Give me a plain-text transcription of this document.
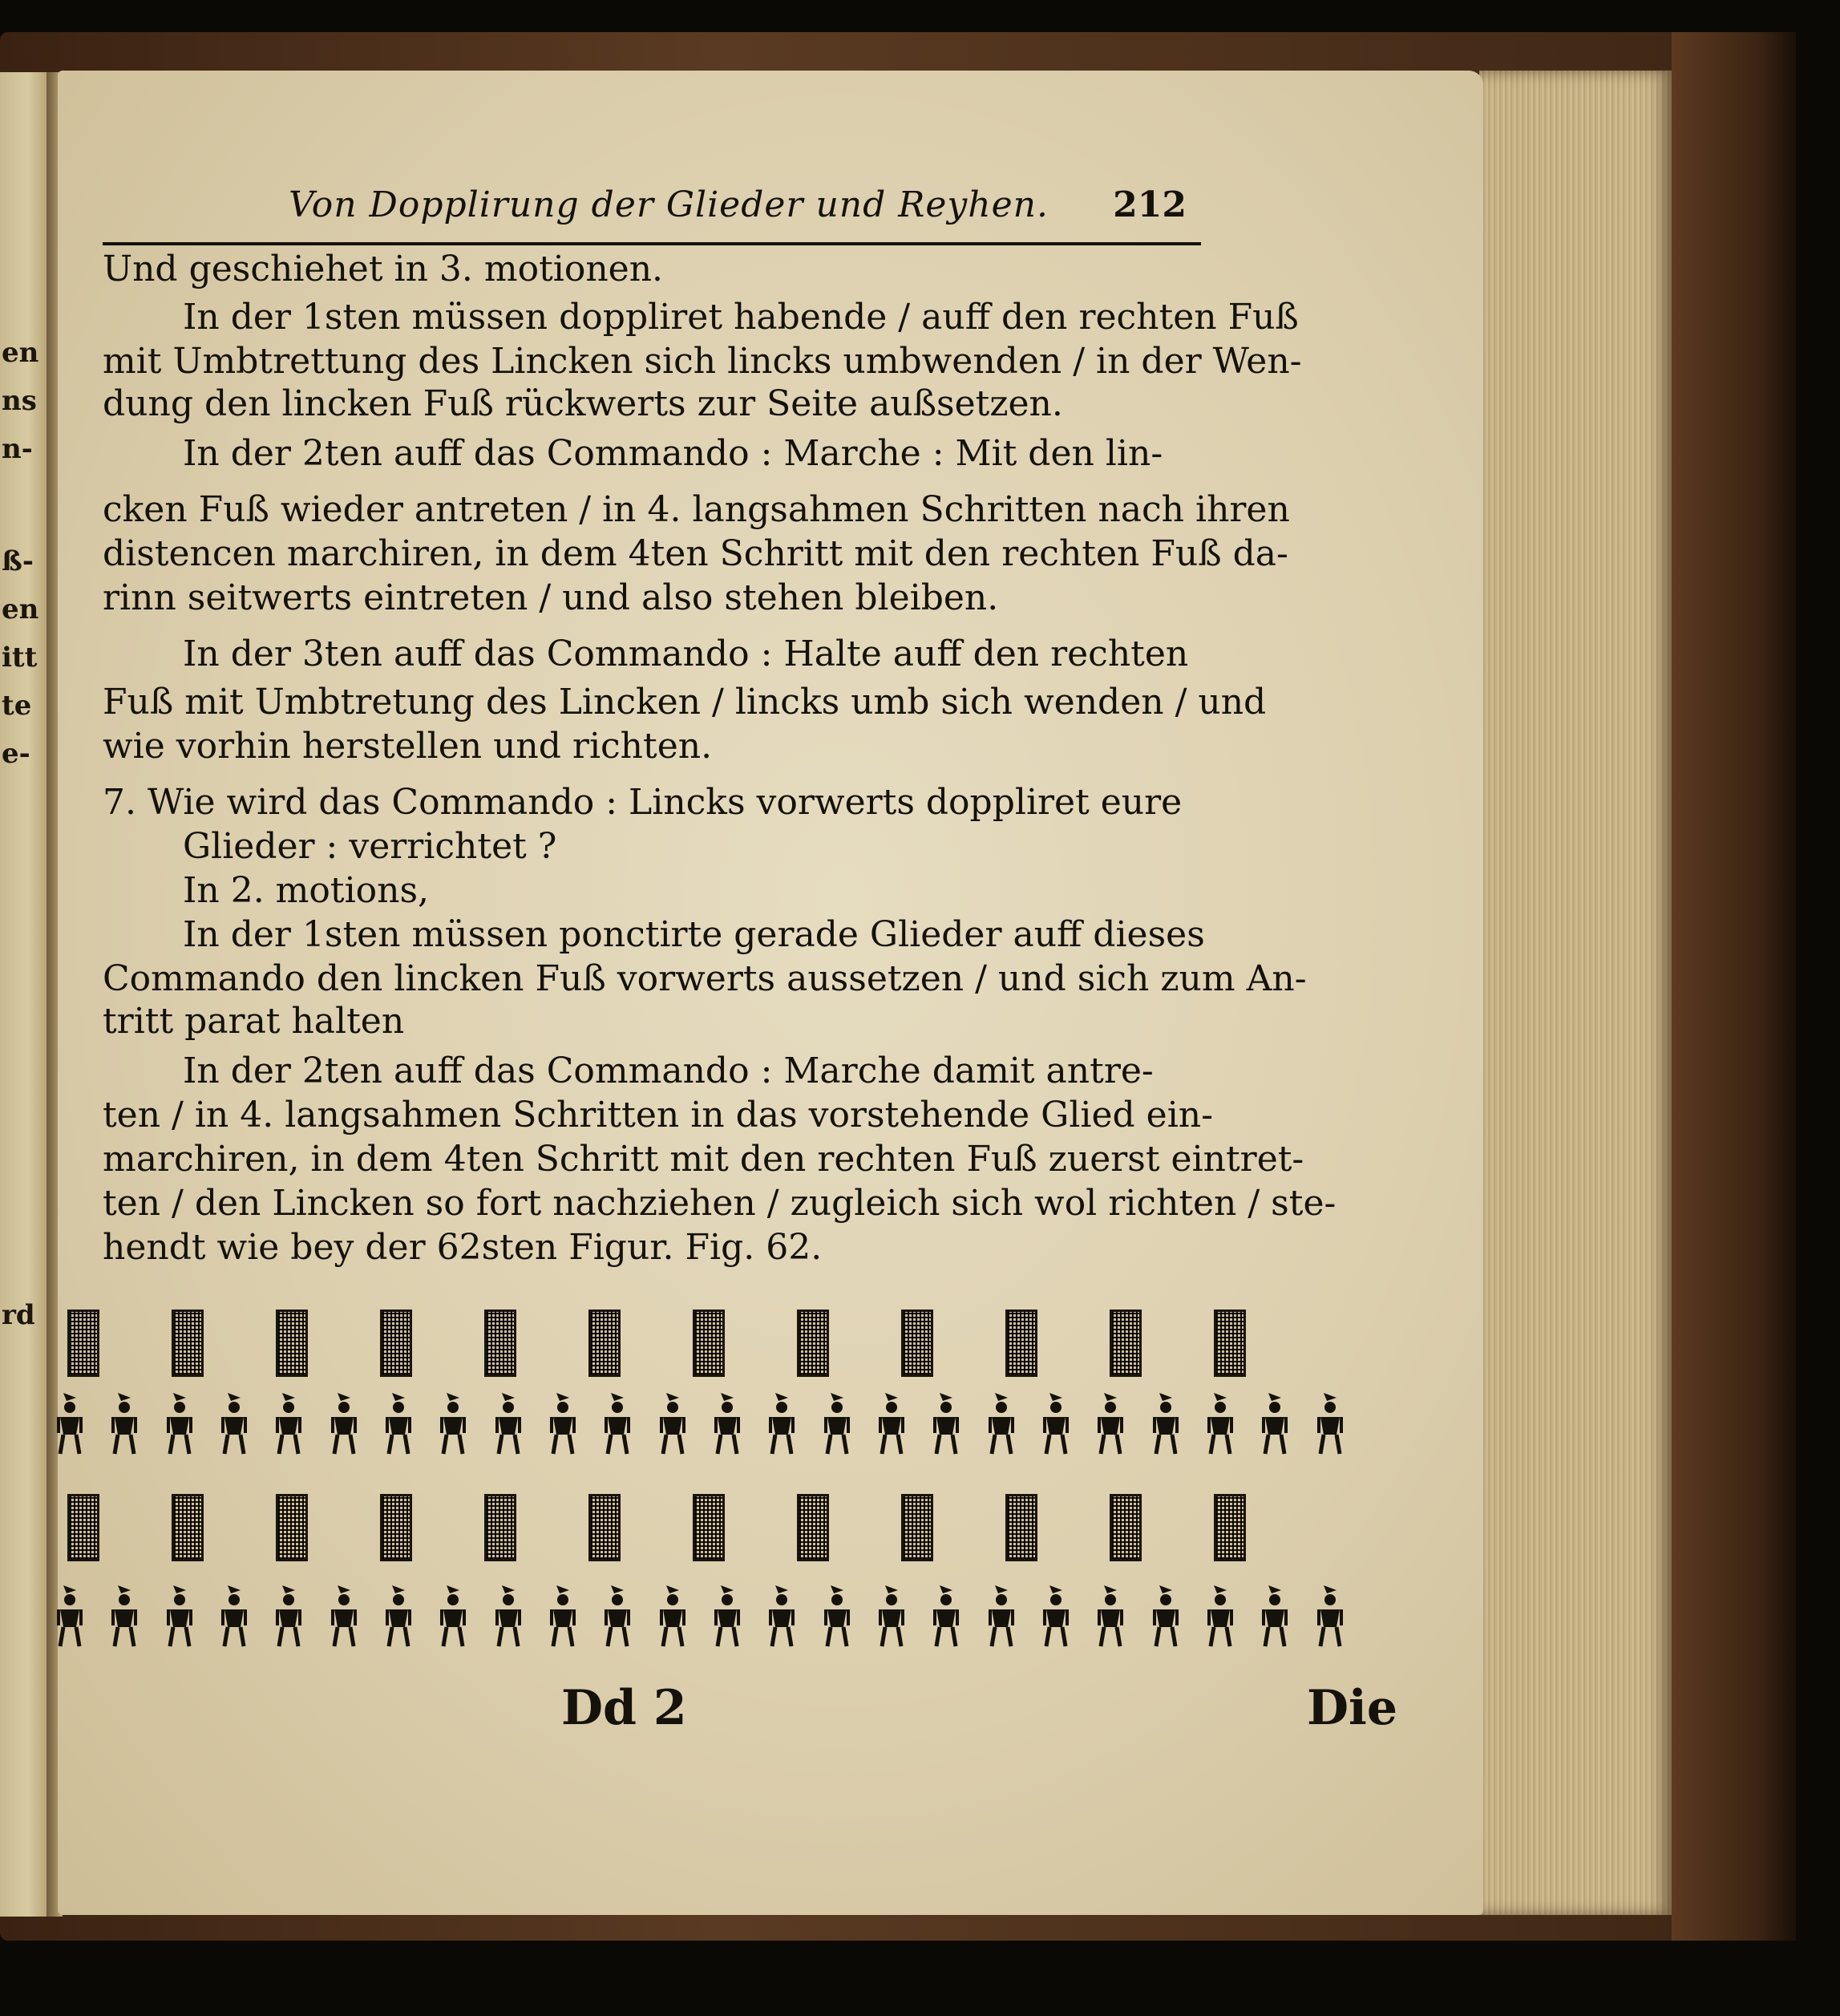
en
ns
n-
ß-
en
itt
te
e-
rd
Von Dopplirung der Glieder und Reyhen. 212
Und geschiehet in 3. motionen.
In der 1sten müssen doppliret habende / auff den rechten Fuß
mit Umbtrettung des Lincken sich lincks umbwenden / in der Wen-
dung den lincken Fuß rückwerts zur Seite außsetzen.
In der 2ten auff das Commando : Marche : Mit den lin-
cken Fuß wieder antreten / in 4. langsahmen Schritten nach ihren
distencen marchiren, in dem 4ten Schritt mit den rechten Fuß da-
rinn seitwerts eintreten / und also stehen bleiben.
In der 3ten auff das Commando : Halte auff den rechten
Fuß mit Umbtretung des Lincken / lincks umb sich wenden / und
wie vorhin herstellen und richten.
7. Wie wird das Commando : Lincks vorwerts doppliret eure
Glieder : verrichtet ?
In 2. motions,
In der 1sten müssen ponctirte gerade Glieder auff dieses
Commando den lincken Fuß vorwerts aussetzen / und sich zum An-
tritt parat halten
In der 2ten auff das Commando : Marche damit antre-
ten / in 4. langsahmen Schritten in das vorstehende Glied ein-
marchiren, in dem 4ten Schritt mit den rechten Fuß zuerst eintret-
ten / den Lincken so fort nachziehen / zugleich sich wol richten / ste-
hendt wie bey der 62sten Figur. Fig. 62.
Dd 2	Die
